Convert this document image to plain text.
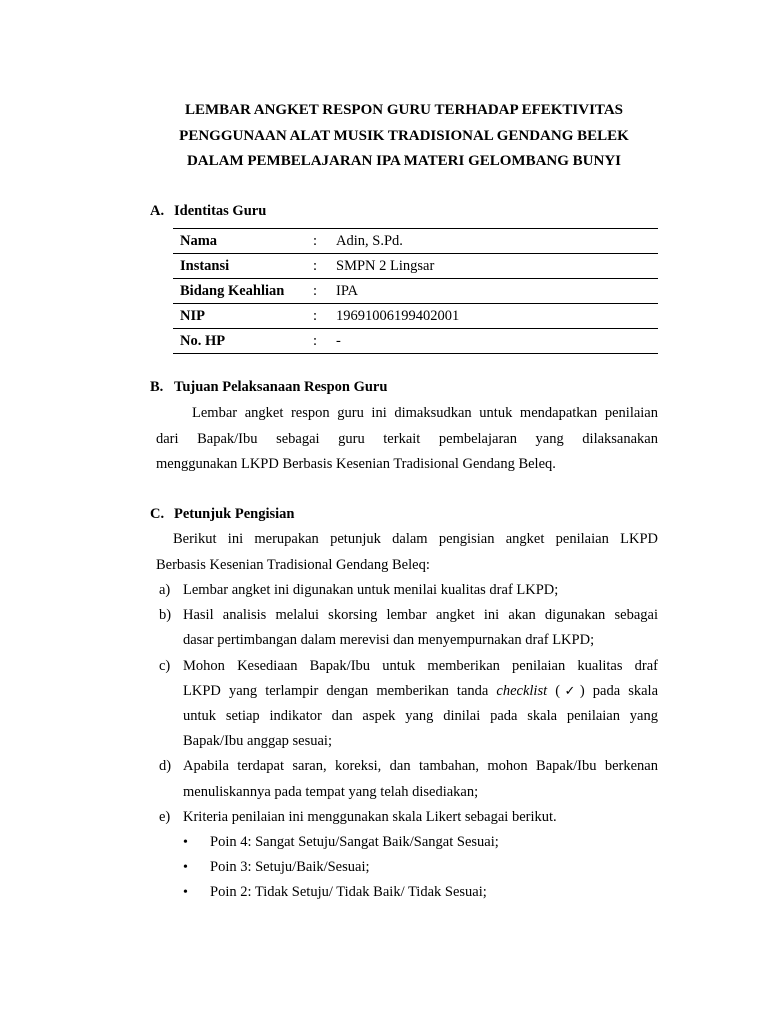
LEMBAR ANGKET RESPON GURU TERHADAP EFEKTIVITAS
PENGGUNAAN ALAT MUSIK TRADISIONAL GENDANG BELEK
DALAM PEMBELAJARAN IPA MATERI GELOMBANG BUNYI
A. Identitas Guru
Nama	:	Adin, S.Pd.
Instansi	:	SMPN 2 Lingsar
Bidang Keahlian	:	IPA
NIP	:	19691006199402001
No. HP	:	-
B. Tujuan Pelaksanaan Respon Guru
Lembar angket respon guru ini dimaksudkan untuk mendapatkan penilaian
dari Bapak/Ibu sebagai guru terkait pembelajaran yang dilaksanakan
menggunakan LKPD Berbasis Kesenian Tradisional Gendang Beleq.
C. Petunjuk Pengisian
Berikut ini merupakan petunjuk dalam pengisian angket penilaian LKPD
Berbasis Kesenian Tradisional Gendang Beleq:
a) Lembar angket ini digunakan untuk menilai kualitas draf LKPD;
b) Hasil analisis melalui skorsing lembar angket ini akan digunakan sebagai
dasar pertimbangan dalam merevisi dan menyempurnakan draf LKPD;
c) Mohon Kesediaan Bapak/Ibu untuk memberikan penilaian kualitas draf
LKPD yang terlampir dengan memberikan tanda checklist (✓) pada skala
untuk setiap indikator dan aspek yang dinilai pada skala penilaian yang
Bapak/Ibu anggap sesuai;
d) Apabila terdapat saran, koreksi, dan tambahan, mohon Bapak/Ibu berkenan
menuliskannya pada tempat yang telah disediakan;
e) Kriteria penilaian ini menggunakan skala Likert sebagai berikut.
• Poin 4: Sangat Setuju/Sangat Baik/Sangat Sesuai;
• Poin 3: Setuju/Baik/Sesuai;
• Poin 2: Tidak Setuju/ Tidak Baik/ Tidak Sesuai;
